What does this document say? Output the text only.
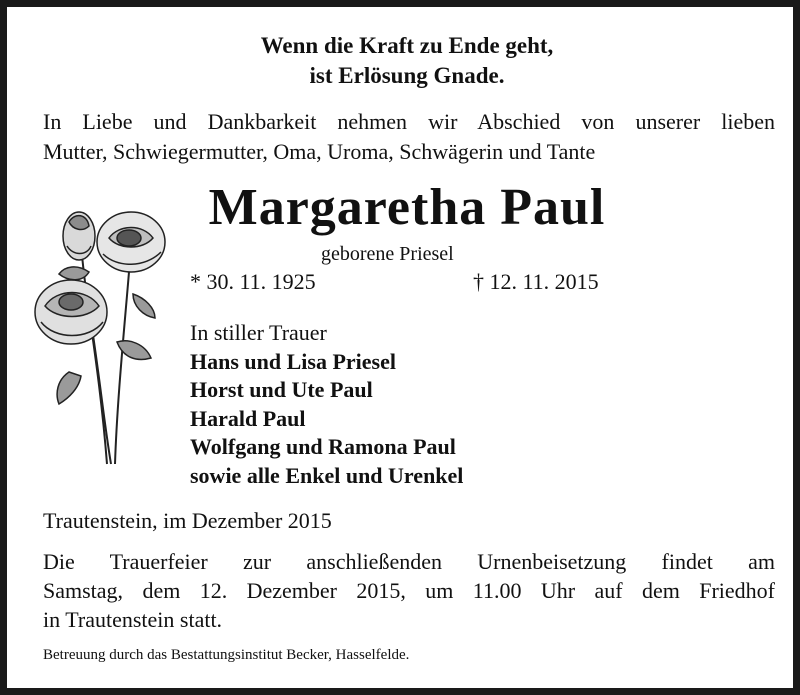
Wenn die Kraft zu Ende geht,
ist Erlösung Gnade.
In Liebe und Dankbarkeit nehmen wir Abschied von unserer lieben
Mutter, Schwiegermutter, Oma, Uroma, Schwägerin und Tante
Margaretha Paul
geborene Priesel
* 30. 11. 1925	† 12. 11. 2015
In stiller Trauer
Hans und Lisa Priesel
Horst und Ute Paul
Harald Paul
Wolfgang und Ramona Paul
sowie alle Enkel und Urenkel
Trautenstein, im Dezember 2015
Die Trauerfeier zur anschließenden Urnenbeisetzung findet am
Samstag, dem 12. Dezember 2015, um 11.00 Uhr auf dem Friedhof
in Trautenstein statt.
Betreuung durch das Bestattungsinstitut Becker, Hasselfelde.
